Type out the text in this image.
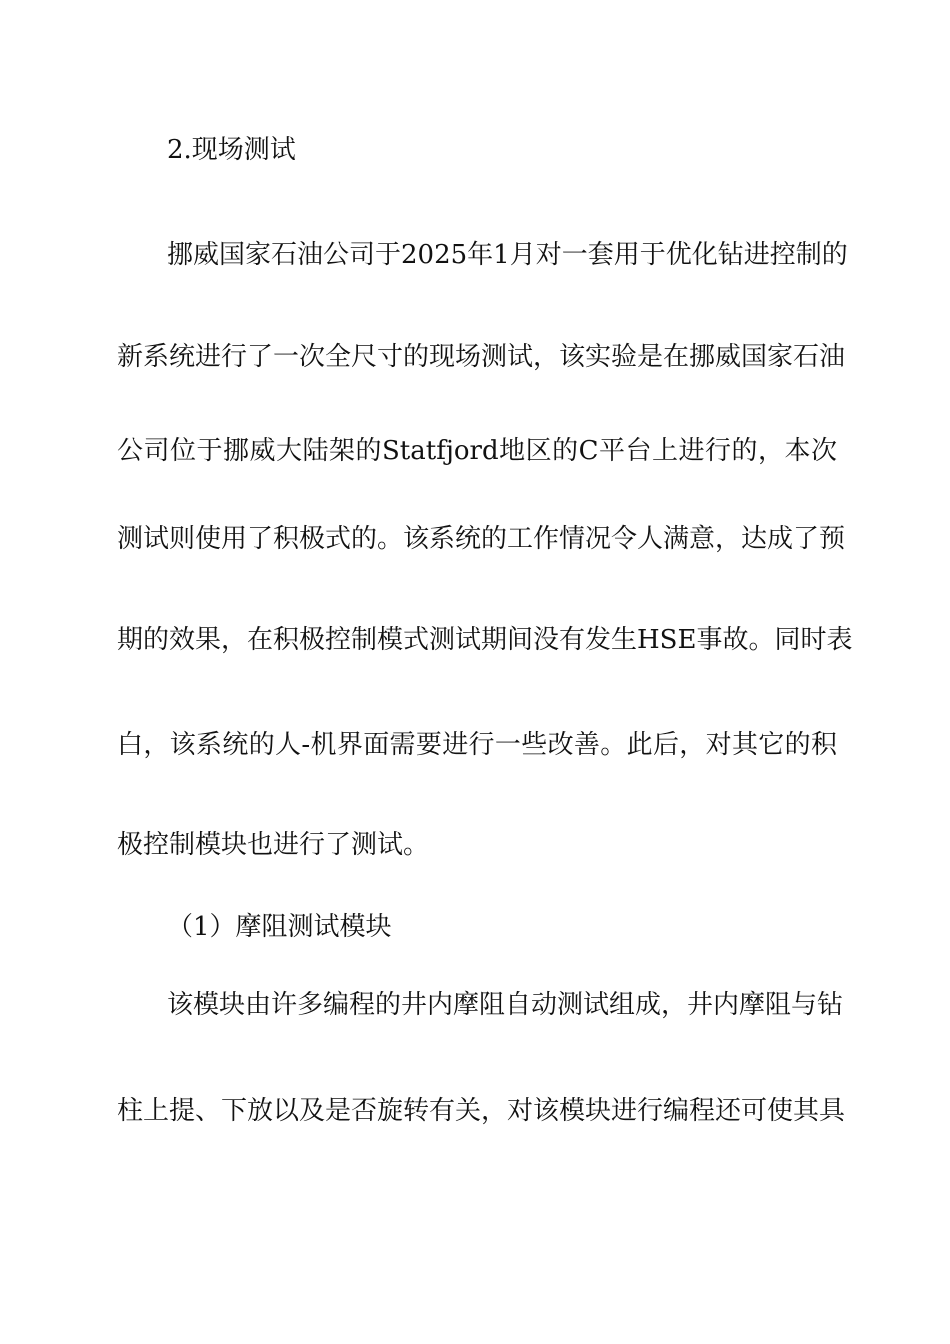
2.现场测试
挪威国家石油公司于2025年1月对一套用于优化钻进控制的
新系统进行了一次全尺寸的现场测试，该实验是在挪威国家石油
公司位于挪威大陆架的Statfjord地区的C平台上进行的，本次
测试则使用了积极式的。该系统的工作情况令人满意，达成了预
期的效果，在积极控制模式测试期间没有发生HSE事故。同时表
白，该系统的人-机界面需要进行一些改善。此后，对其它的积
极控制模块也进行了测试。
（1）摩阻测试模块
该模块由许多编程的井内摩阻自动测试组成，井内摩阻与钻
柱上提、下放以及是否旋转有关，对该模块进行编程还可使其具
